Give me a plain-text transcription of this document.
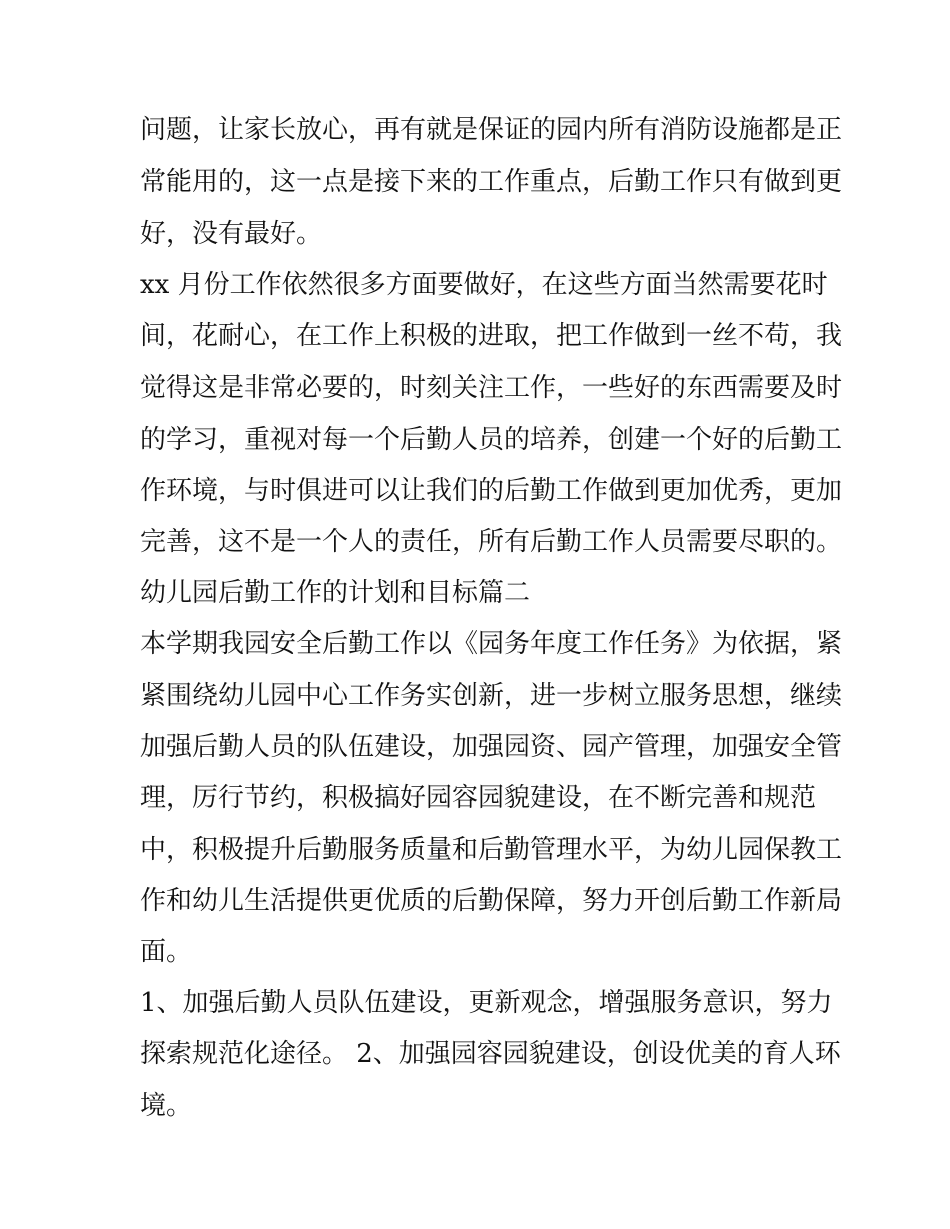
问题，让家长放心，再有就是保证的园内所有消防设施都是正
常能用的，这一点是接下来的工作重点，后勤工作只有做到更
好，没有最好。
xx 月份工作依然很多方面要做好，在这些方面当然需要花时
间，花耐心，在工作上积极的进取，把工作做到一丝不苟，我
觉得这是非常必要的，时刻关注工作，一些好的东西需要及时
的学习，重视对每一个后勤人员的培养，创建一个好的后勤工
作环境，与时俱进可以让我们的后勤工作做到更加优秀，更加
完善，这不是一个人的责任，所有后勤工作人员需要尽职的。
幼儿园后勤工作的计划和目标篇二
本学期我园安全后勤工作以《园务年度工作任务》为依据，紧
紧围绕幼儿园中心工作务实创新，进一步树立服务思想，继续
加强后勤人员的队伍建设，加强园资、园产管理，加强安全管
理，厉行节约，积极搞好园容园貌建设，在不断完善和规范
中，积极提升后勤服务质量和后勤管理水平，为幼儿园保教工
作和幼儿生活提供更优质的后勤保障，努力开创后勤工作新局
面。
1、加强后勤人员队伍建设，更新观念，增强服务意识，努力
探索规范化途径。 2、加强园容园貌建设，创设优美的育人环
境。
